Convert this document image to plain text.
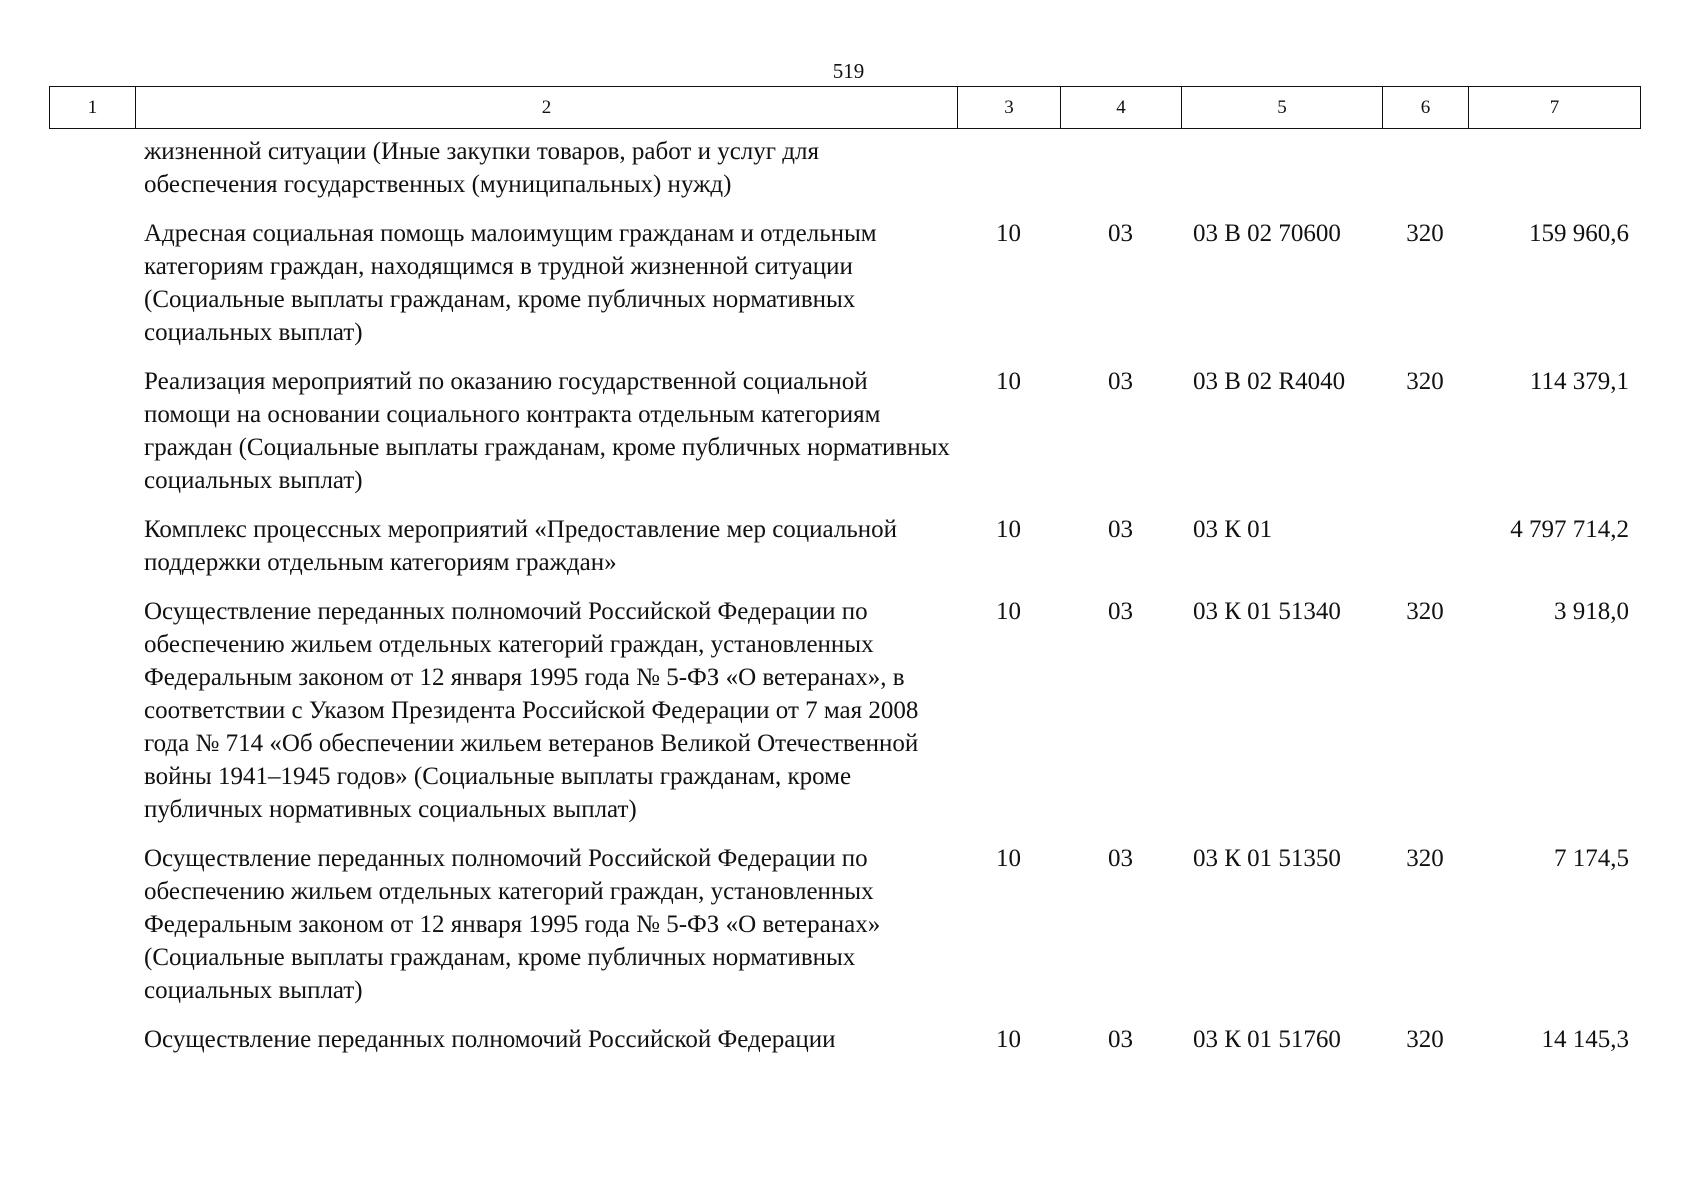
519
1	2	3	4	5	6	7
жизненной ситуации (Иные закупки товаров, работ и услуг для обеспечения государственных (муниципальных) нужд)					
Адресная социальная помощь малоимущим гражданам и отдельным категориям граждан, находящимся в трудной жизненной ситуации (Социальные выплаты гражданам, кроме публичных нормативных социальных выплат)	10	03	03 В 02 70600	320	159 960,6
Реализация мероприятий по оказанию государственной социальной помощи на основании социального контракта отдельным категориям граждан (Социальные выплаты гражданам, кроме публичных нормативных социальных выплат)	10	03	03 В 02 R4040	320	114 379,1
Комплекс процессных мероприятий «Предоставление мер социальной поддержки отдельным категориям граждан»	10	03	03 К 01		4 797 714,2
Осуществление переданных полномочий Российской Федерации по обеспечению жильем отдельных категорий граждан, установленных Федеральным законом от 12 января 1995 года № 5-ФЗ «О ветеранах», в соответствии с Указом Президента Российской Федерации от 7 мая 2008 года № 714 «Об обеспечении жильем ветеранов Великой Отечественной войны 1941–1945 годов» (Социальные выплаты гражданам, кроме публичных нормативных социальных выплат)	10	03	03 К 01 51340	320	3 918,0
Осуществление переданных полномочий Российской Федерации по обеспечению жильем отдельных категорий граждан, установленных Федеральным законом от 12 января 1995 года № 5-ФЗ «О ветеранах» (Социальные выплаты гражданам, кроме публичных нормативных социальных выплат)	10	03	03 К 01 51350	320	7 174,5
Осуществление переданных полномочий Российской Федерации	10	03	03 К 01 51760	320	14 145,3
